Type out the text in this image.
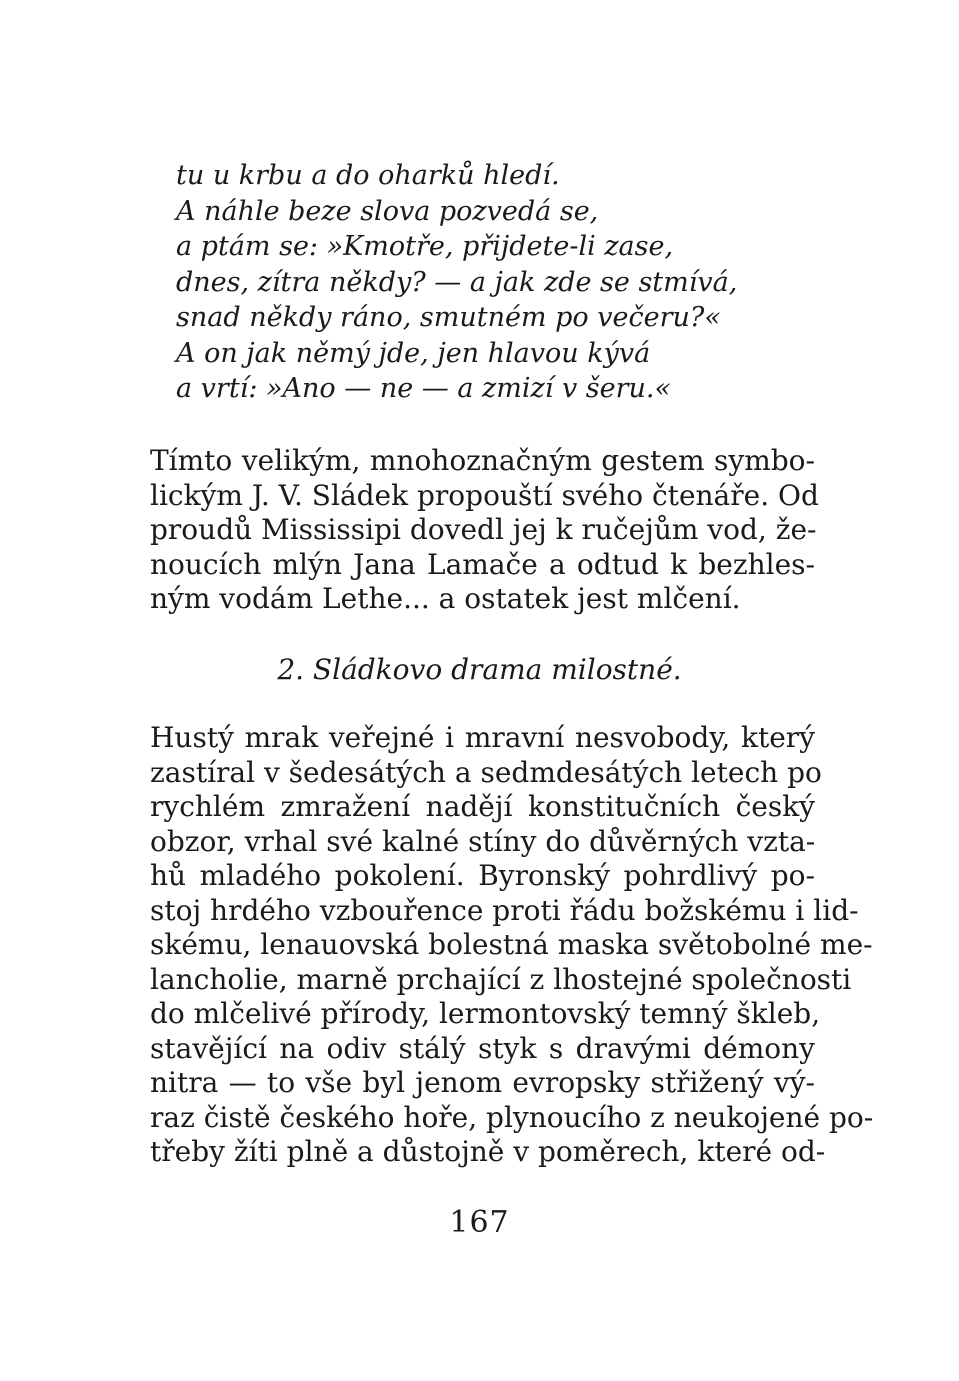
tu u krbu a do oharků hledí.
A náhle beze slova pozvedá se,
a ptám se: »Kmotře, přijdete-li zase,
dnes, zítra někdy? — a jak zde se stmívá,
snad někdy ráno, smutném po večeru?«
A on jak němý jde, jen hlavou kývá
a vrtí: »Ano — ne — a zmizí v šeru.«
Tímto velikým, mnohoznačným gestem symbo-
lickým J. V. Sládek propouští svého čtenáře. Od
proudů Mississipi dovedl jej k ručejům vod, že-
noucích mlýn Jana Lamače a odtud k bezhles-
ným vodám Lethe... a ostatek jest mlčení.
2. Sládkovo drama milostné.
Hustý mrak veřejné i mravní nesvobody, který
zastíral v šedesátých a sedmdesátých letech po
rychlém zmražení nadějí konstitučních český
obzor, vrhal své kalné stíny do důvěrných vzta-
hů mladého pokolení. Byronský pohrdlivý po-
stoj hrdého vzbouřence proti řádu božskému i lid-
skému, lenauovská bolestná maska světobolné me-
lancholie, marně prchající z lhostejné společnosti
do mlčelivé přírody, lermontovský temný škleb,
stavějící na odiv stálý styk s dravými démony
nitra — to vše byl jenom evropsky střižený vý-
raz čistě českého hoře, plynoucího z neukojené po-
třeby žíti plně a důstojně v poměrech, které od-
167
